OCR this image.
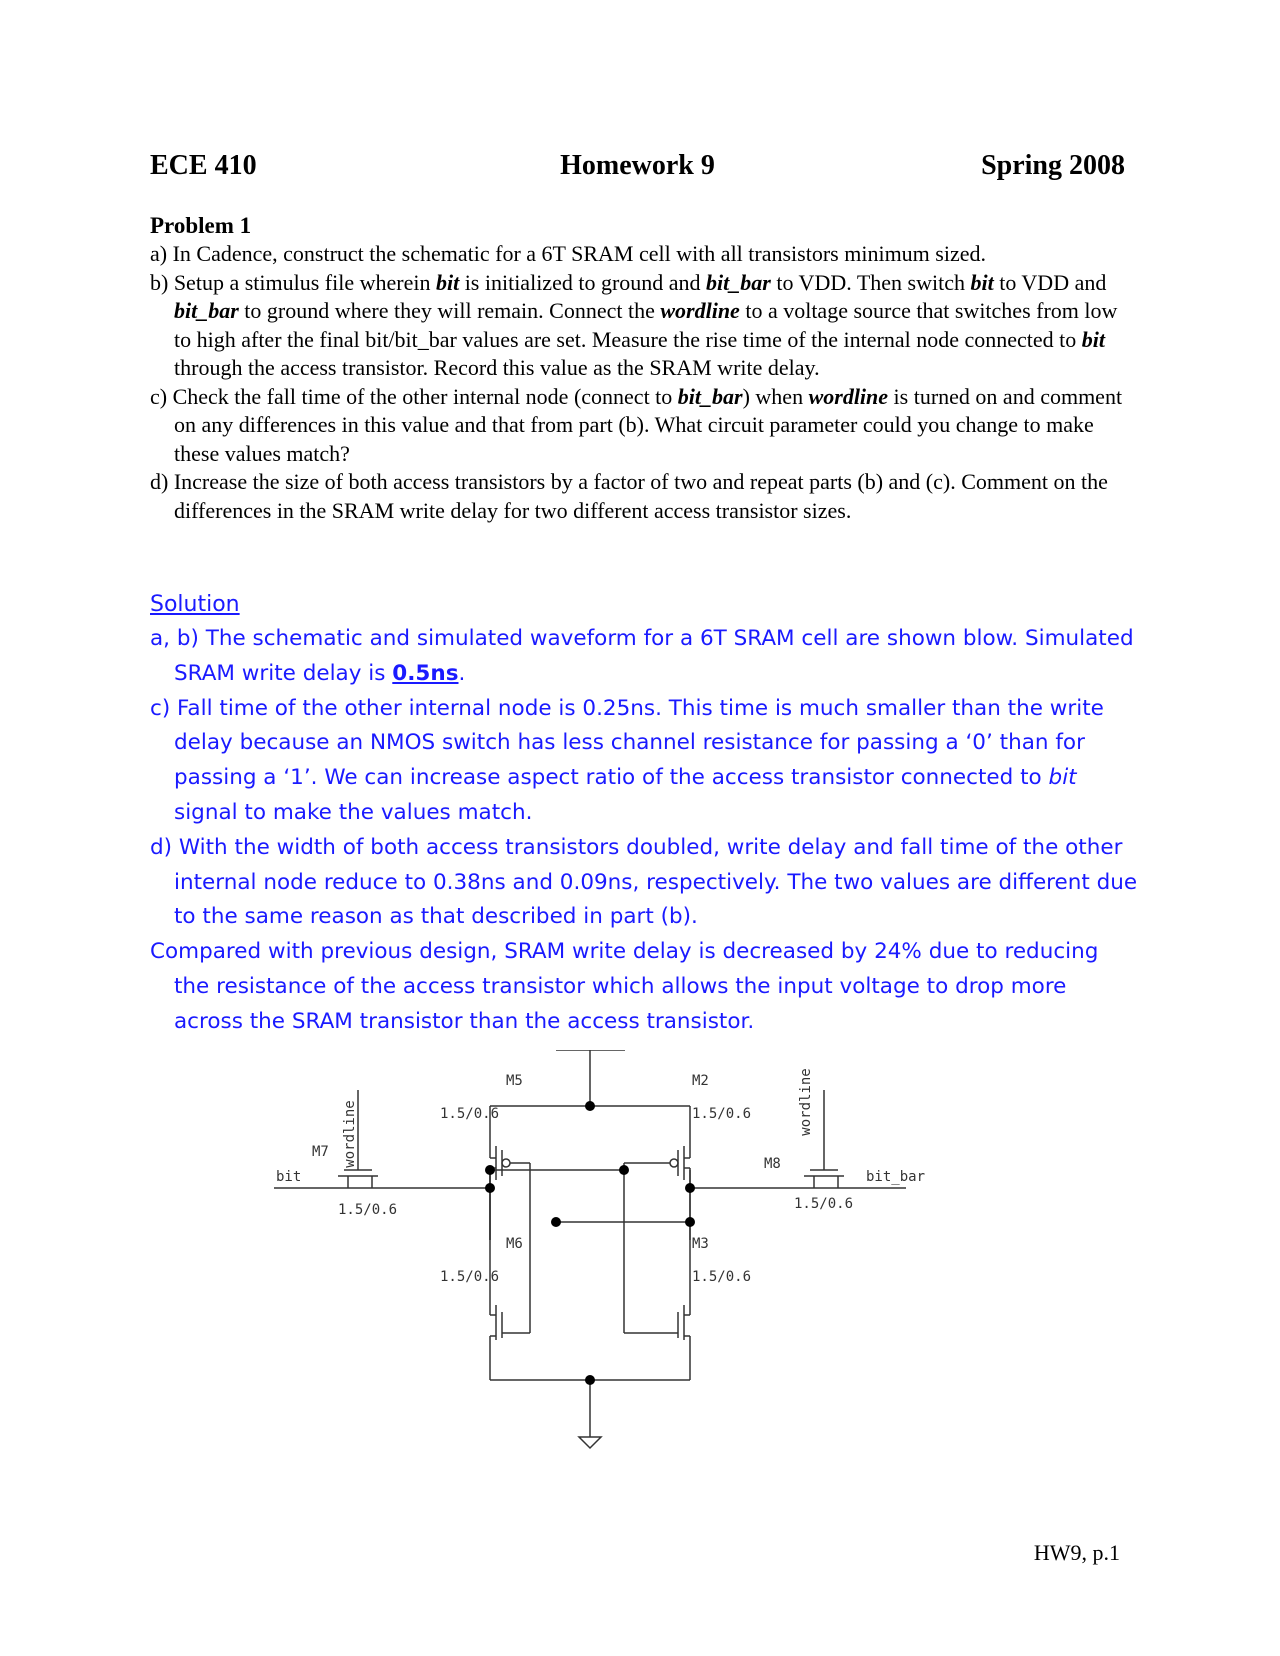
ECE 410	Homework 9	Spring 2008
Problem 1
a) In Cadence, construct the schematic for a 6T SRAM cell with all transistors minimum sized.
b) Setup a stimulus file wherein bit is initialized to ground and bit_bar to VDD. Then switch bit to VDD and bit_bar to ground where they will remain. Connect the wordline to a voltage source that switches from low to high after the final bit/bit_bar values are set. Measure the rise time of the internal node connected to bit through the access transistor. Record this value as the SRAM write delay.
c) Check the fall time of the other internal node (connect to bit_bar) when wordline is turned on and comment on any differences in this value and that from part (b). What circuit parameter could you change to make these values match?
d) Increase the size of both access transistors by a factor of two and repeat parts (b) and (c). Comment on the differences in the SRAM write delay for two different access transistor sizes.
Solution
a, b) The schematic and simulated waveform for a 6T SRAM cell are shown blow. Simulated SRAM write delay is 0.5ns.
c) Fall time of the other internal node is 0.25ns. This time is much smaller than the write delay because an NMOS switch has less channel resistance for passing a ‘0’ than for passing a ‘1’. We can increase aspect ratio of the access transistor connected to bit signal to make the values match.
d) With the width of both access transistors doubled, write delay and fall time of the other internal node reduce to 0.38ns and 0.09ns, respectively. The two values are different due to the same reason as that described in part (b).
Compared with previous design, SRAM write delay is decreased by 24% due to reducing the resistance of the access transistor which allows the input voltage to drop more across the SRAM transistor than the access transistor.
bit	bit_bar
M7
M8
1.5/0.6	1.5/0.6
M5	M2
1.5/0.6	1.5/0.6
M6	M3
1.5/0.6	1.5/0.6
wordline	wordline
HW9, p.1
